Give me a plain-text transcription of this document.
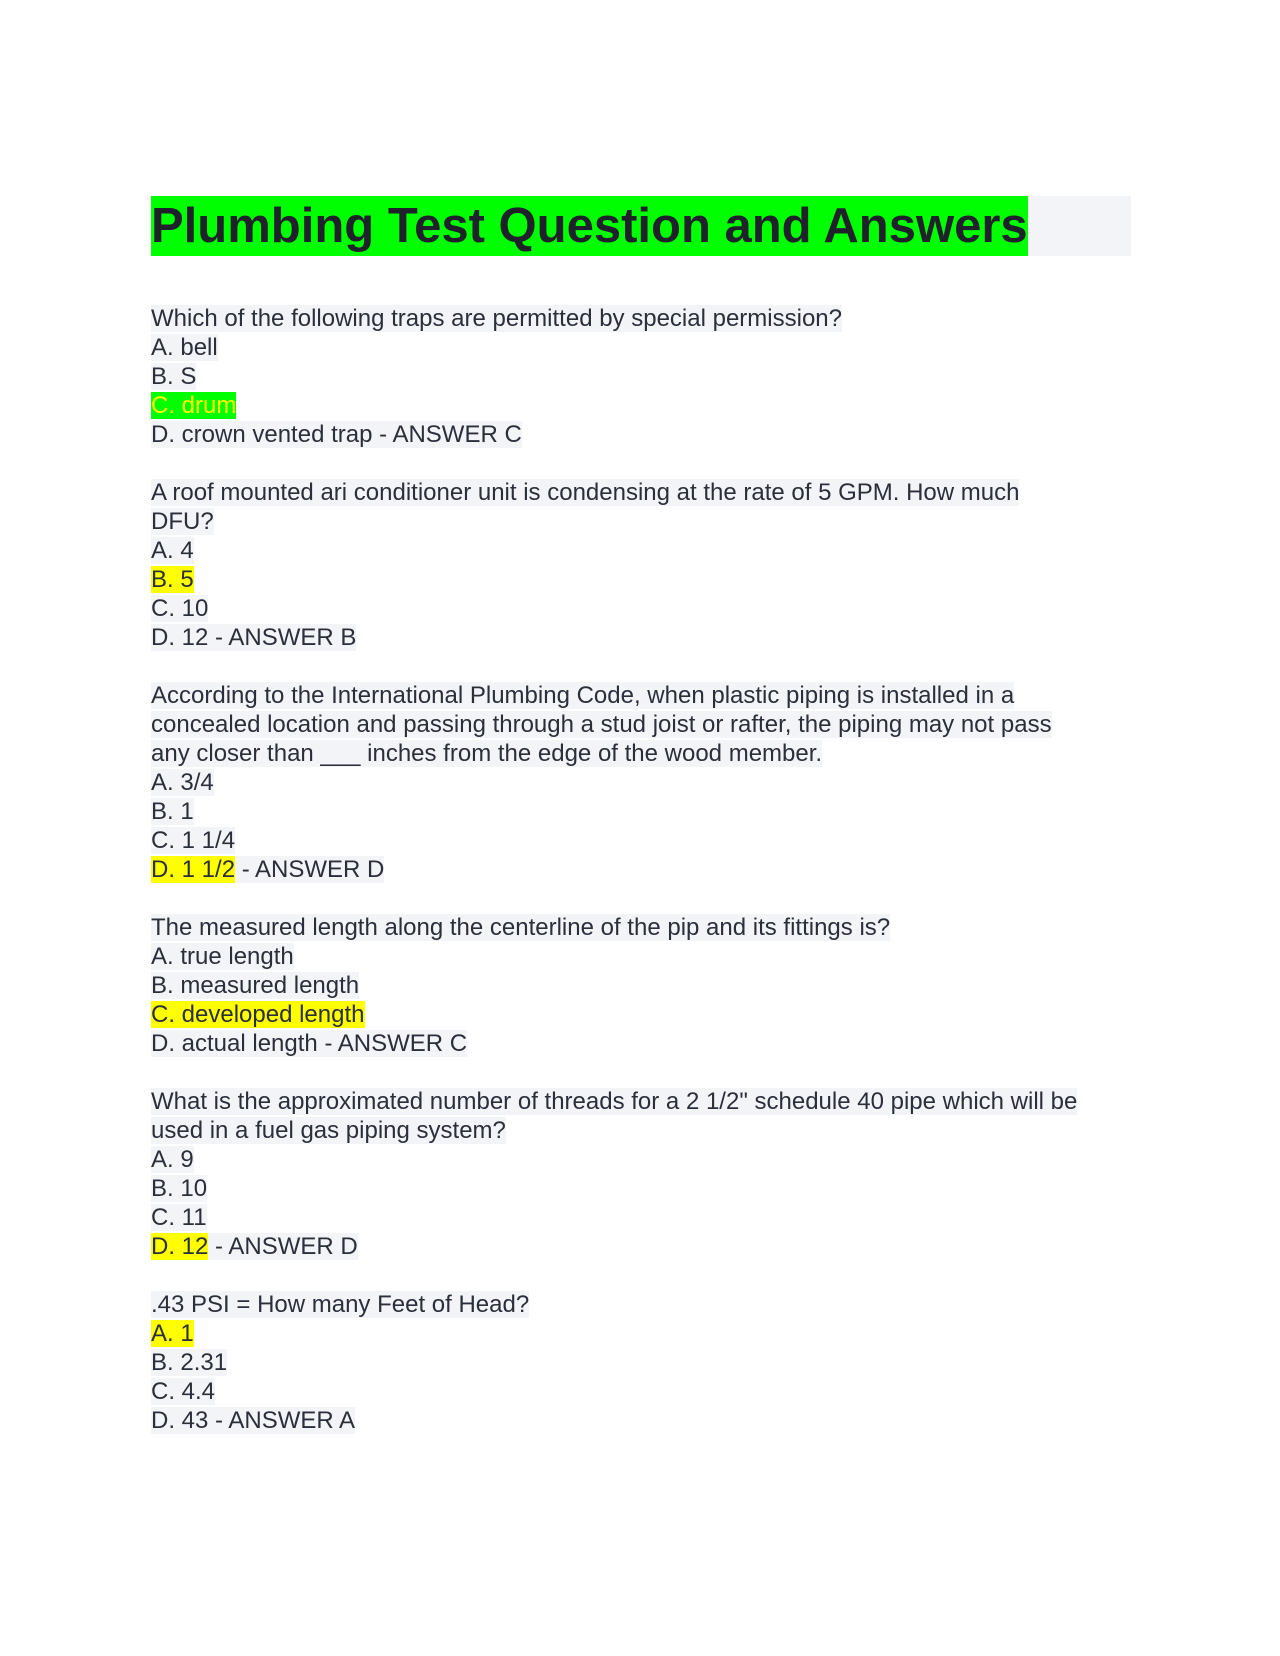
Plumbing Test Question and Answers
Which of the following traps are permitted by special permission?
A. bell
B. S
C. drum
D. crown vented trap - ANSWER C
A roof mounted ari conditioner unit is condensing at the rate of 5 GPM. How much
DFU?
A. 4
B. 5
C. 10
D. 12 - ANSWER B
According to the International Plumbing Code, when plastic piping is installed in a
concealed location and passing through a stud joist or rafter, the piping may not pass
any closer than ___ inches from the edge of the wood member.
A. 3/4
B. 1
C. 1 1/4
D. 1 1/2 - ANSWER D
The measured length along the centerline of the pip and its fittings is?
A. true length
B. measured length
C. developed length
D. actual length - ANSWER C
What is the approximated number of threads for a 2 1/2" schedule 40 pipe which will be
used in a fuel gas piping system?
A. 9
B. 10
C. 11
D. 12 - ANSWER D
.43 PSI = How many Feet of Head?
A. 1
B. 2.31
C. 4.4
D. 43 - ANSWER A
